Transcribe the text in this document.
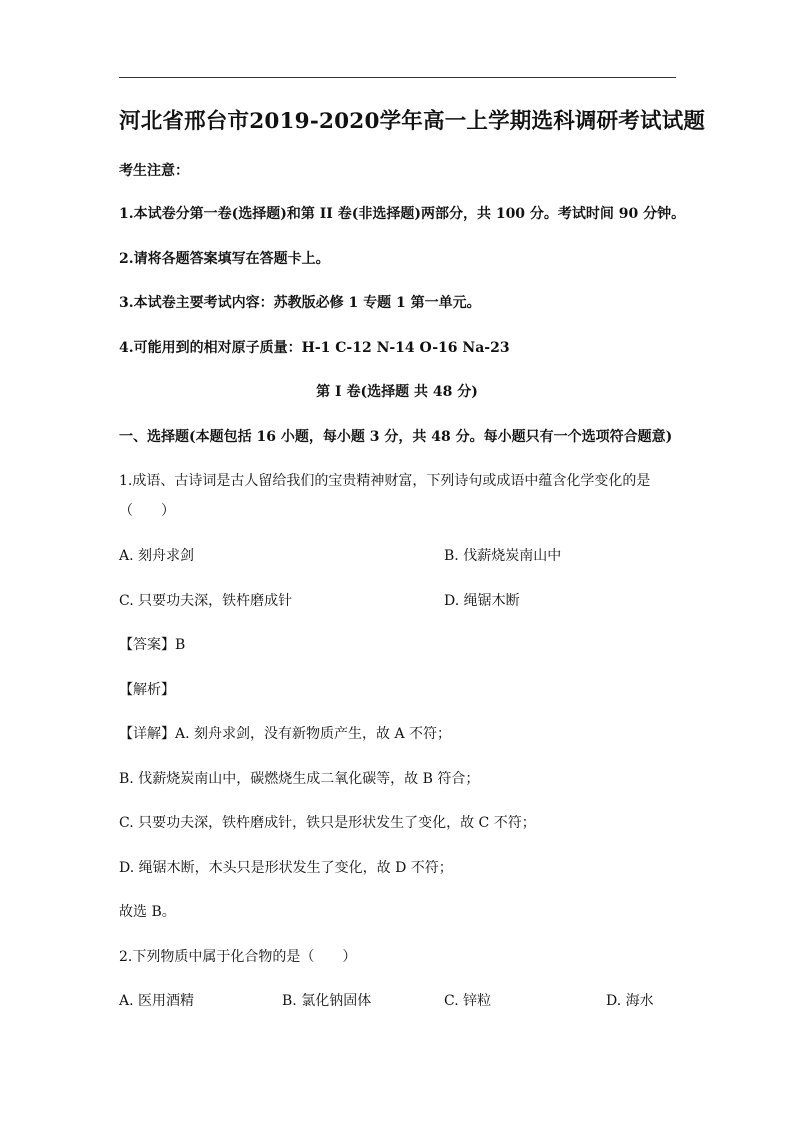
河北省邢台市2019-2020学年高一上学期选科调研考试试题
考生注意：
1.本试卷分第一卷(选择题)和第 II 卷(非选择题)两部分，共 100 分。考试时间 90 分钟。
2.请将各题答案填写在答题卡上。
3.本试卷主要考试内容：苏教版必修 1 专题 1 第一单元。
4.可能用到的相对原子质量：H-1 C-12 N-14 O-16 Na-23
第 I 卷(选择题 共 48 分)
一、选择题(本题包括 16 小题，每小题 3 分，共 48 分。每小题只有一个选项符合题意)
1.成语、古诗词是古人留给我们的宝贵精神财富，下列诗句或成语中蕴含化学变化的是
（　　）
A. 刻舟求剑	B. 伐薪烧炭南山中
C. 只要功夫深，铁杵磨成针	D. 绳锯木断
【答案】B
【解析】
【详解】A. 刻舟求剑，没有新物质产生，故 A 不符；
B. 伐薪烧炭南山中，碳燃烧生成二氧化碳等，故 B 符合；
C. 只要功夫深，铁杵磨成针，铁只是形状发生了变化，故 C 不符；
D. 绳锯木断，木头只是形状发生了变化，故 D 不符；
故选 B。
2.下列物质中属于化合物的是（　　）
A. 医用酒精	B. 氯化钠固体	C. 锌粒	D. 海水
